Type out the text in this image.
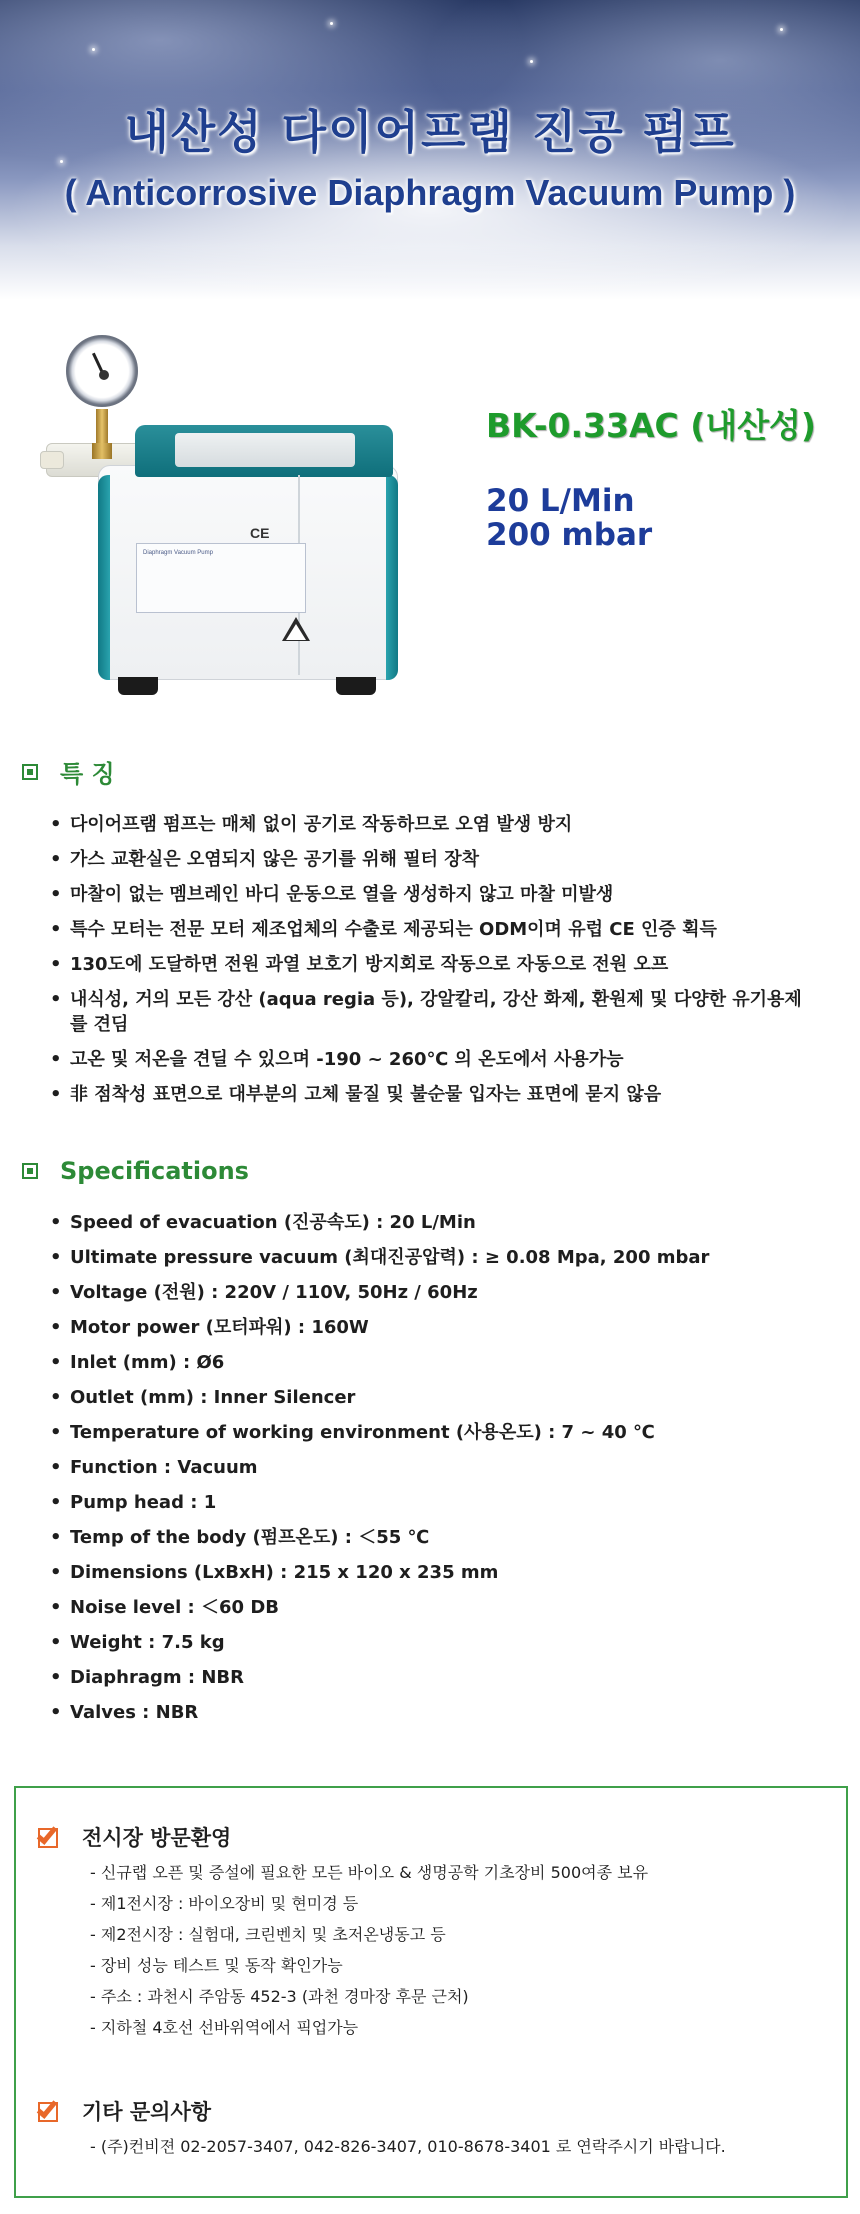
내산성 다이어프램 진공 펌프
( Anticorrosive Diaphragm Vacuum Pump )
CE
Diaphragm Vacuum Pump
BK-0.33AC (내산성)
20 L/Min
200 mbar
특 징
• 다이어프램 펌프는 매체 없이 공기로 작동하므로 오염 발생 방지
• 가스 교환실은 오염되지 않은 공기를 위해 필터 장착
• 마찰이 없는 멤브레인 바디 운동으로 열을 생성하지 않고 마찰 미발생
• 특수 모터는 전문 모터 제조업체의 수출로 제공되는 ODM이며 유럽 CE 인증 획득
• 130도에 도달하면 전원 과열 보호기 방지회로 작동으로 자동으로 전원 오프
• 내식성, 거의 모든 강산 (aqua regia 등), 강알칼리, 강산 화제, 환원제 및 다양한 유기용제를 견딤
• 고온 및 저온을 견딜 수 있으며 -190 ~ 260℃ 의 온도에서 사용가능
• 非 점착성 표면으로 대부분의 고체 물질 및 불순물 입자는 표면에 묻지 않음
Specifications
• Speed of evacuation (진공속도) : 20 L/Min
• Ultimate pressure vacuum (최대진공압력) : ≥ 0.08 Mpa, 200 mbar
• Voltage (전원) : 220V / 110V, 50Hz / 60Hz
• Motor power (모터파워) : 160W
• Inlet (mm) : Ø6
• Outlet (mm) : Inner Silencer
• Temperature of working environment (사용온도) : 7 ~ 40 ℃
• Function : Vacuum
• Pump head : 1
• Temp of the body (펌프온도) : ＜55 ℃
• Dimensions (LxBxH) : 215 x 120 x 235 mm
• Noise level : ＜60 DB
• Weight : 7.5 kg
• Diaphragm : NBR
• Valves : NBR
전시장 방문환영
- 신규랩 오픈 및 증설에 필요한 모든 바이오 & 생명공학 기초장비 500여종 보유
- 제1전시장 : 바이오장비 및 현미경 등
- 제2전시장 : 실험대, 크린벤치 및 초저온냉동고 등
- 장비 성능 테스트 및 동작 확인가능
- 주소 : 과천시 주암동 452-3 (과천 경마장 후문 근처)
- 지하철 4호선 선바위역에서 픽업가능
기타 문의사항
- (주)컨비젼 02-2057-3407, 042-826-3407, 010-8678-3401 로 연락주시기 바랍니다.
